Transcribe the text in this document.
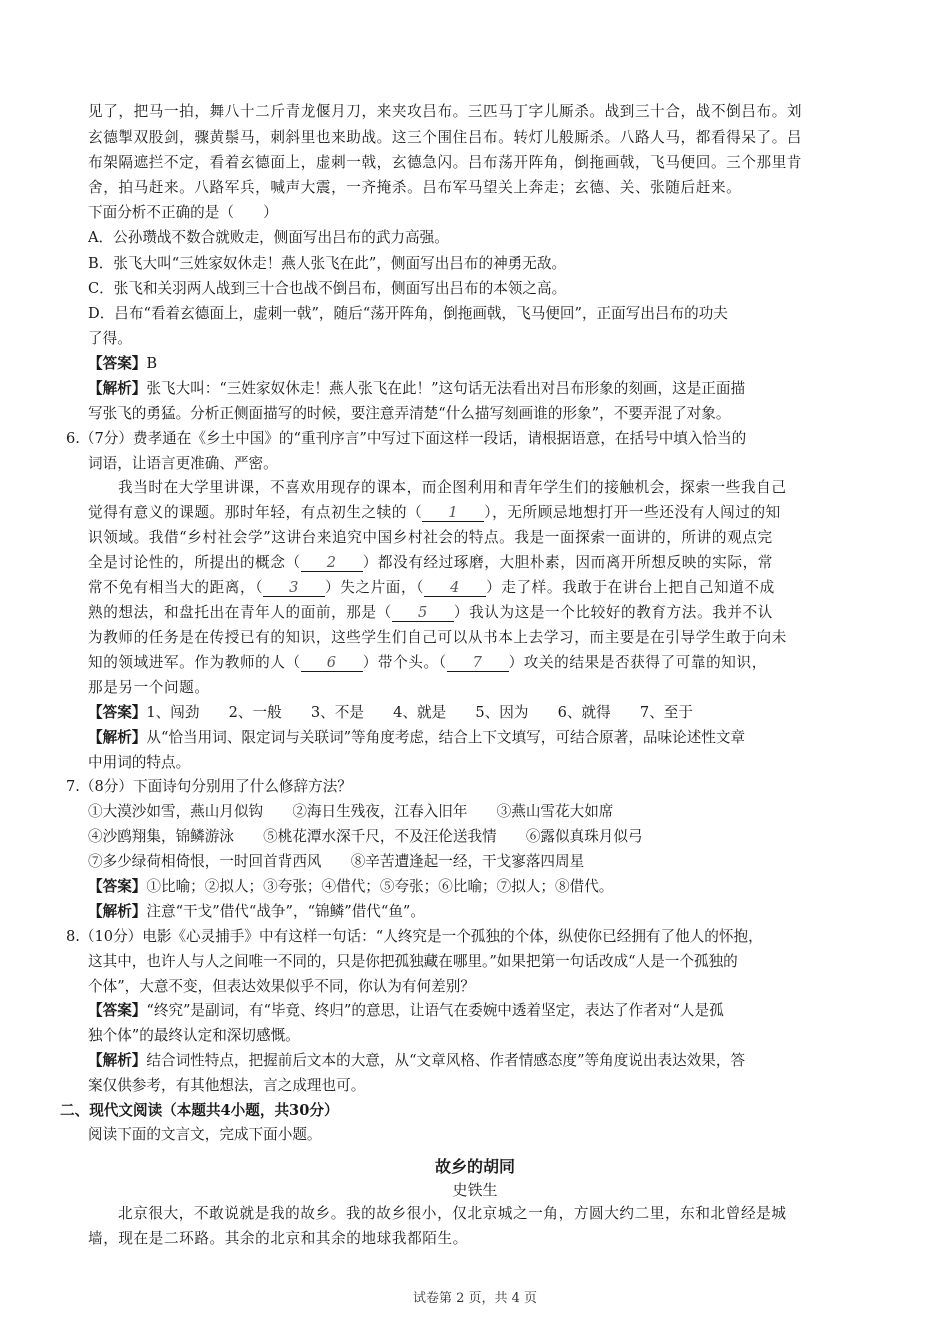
见了，把马一拍，舞八十二斤青龙偃月刀，来夹攻吕布。三匹马丁字儿厮杀。战到三十合，战不倒吕布。刘
玄德掣双股剑，骤黄鬃马，刺斜里也来助战。这三个围住吕布。转灯儿般厮杀。八路人马，都看得呆了。吕
布架隔遮拦不定，看着玄德面上，虚刺一戟，玄德急闪。吕布荡开阵角，倒拖画戟，飞马便回。三个那里肯
舍，拍马赶来。八路军兵，喊声大震，一齐掩杀。吕布军马望关上奔走；玄德、关、张随后赶来。
下面分析不正确的是（　　）
A．公孙瓒战不数合就败走，侧面写出吕布的武力高强。
B．张飞大叫“三姓家奴休走！燕人张飞在此”，侧面写出吕布的神勇无敌。
C．张飞和关羽两人战到三十合也战不倒吕布，侧面写出吕布的本领之高。
D．吕布“看着玄德面上，虚刺一戟”，随后“荡开阵角，倒拖画戟，飞马便回”，正面写出吕布的功夫
了得。
【答案】B
【解析】张飞大叫：“三姓家奴休走！燕人张飞在此！”这句话无法看出对吕布形象的刻画，这是正面描
写张飞的勇猛。分析正侧面描写的时候，要注意弄清楚“什么描写刻画谁的形象”，不要弄混了对象。
6.（7分）费孝通在《乡土中国》的“重刊序言”中写过下面这样一段话，请根据语意，在括号中填入恰当的
词语，让语言更准确、严密。
我当时在大学里讲课，不喜欢用现存的课本，而企图利用和青年学生们的接触机会，探索一些我自己
觉得有意义的课题。那时年轻，有点初生之犊的（ 1 ），无所顾忌地想打开一些还没有人闯过的知
识领域。我借“乡村社会学”这讲台来追究中国乡村社会的特点。我是一面探索一面讲的，所讲的观点完
全是讨论性的，所提出的概念（ 2 ）都没有经过琢磨，大胆朴素，因而离开所想反映的实际，常
常不免有相当大的距离，（ 3 ）失之片面，（ 4 ）走了样。我敢于在讲台上把自己知道不成
熟的想法，和盘托出在青年人的面前，那是（ 5 ）我认为这是一个比较好的教育方法。我并不认
为教师的任务是在传授已有的知识，这些学生们自己可以从书本上去学习，而主要是在引导学生敢于向未
知的领域进军。作为教师的人（ 6 ）带个头。（ 7 ）攻关的结果是否获得了可靠的知识，
那是另一个问题。
【答案】1、闯劲　　2、一般　　3、不是　　4、就是　　5、因为　　6、就得　　7、至于
【解析】从“恰当用词、限定词与关联词”等角度考虑，结合上下文填写，可结合原著，品味论述性文章
中用词的特点。
7.（8分）下面诗句分别用了什么修辞方法？
①大漠沙如雪，燕山月似钩　　②海日生残夜，江春入旧年　　③燕山雪花大如席
④沙鸥翔集，锦鳞游泳　　⑤桃花潭水深千尺，不及汪伦送我情　　⑥露似真珠月似弓
⑦多少绿荷相倚恨，一时回首背西风　　⑧辛苦遭逢起一经，干戈寥落四周星
【答案】①比喻；②拟人；③夸张；④借代；⑤夸张；⑥比喻；⑦拟人；⑧借代。
【解析】注意“干戈”借代“战争”，“锦鳞”借代“鱼”。
8.（10分）电影《心灵捕手》中有这样一句话：“人终究是一个孤独的个体，纵使你已经拥有了他人的怀抱，
这其中，也许人与人之间唯一不同的，只是你把孤独藏在哪里。”如果把第一句话改成“人是一个孤独的
个体”，大意不变，但表达效果似乎不同，你认为有何差别？
【答案】“终究”是副词，有“毕竟、终归”的意思，让语气在委婉中透着坚定，表达了作者对“人是孤
独个体”的最终认定和深切感慨。
【解析】结合词性特点，把握前后文本的大意，从“文章风格、作者情感态度”等角度说出表达效果，答
案仅供参考，有其他想法，言之成理也可。
二、现代文阅读（本题共4小题，共30分）
阅读下面的文言文，完成下面小题。
故乡的胡同
史铁生
北京很大，不敢说就是我的故乡。我的故乡很小，仅北京城之一角，方圆大约二里，东和北曾经是城
墙，现在是二环路。其余的北京和其余的地球我都陌生。
试卷第 2 页，共 4 页
